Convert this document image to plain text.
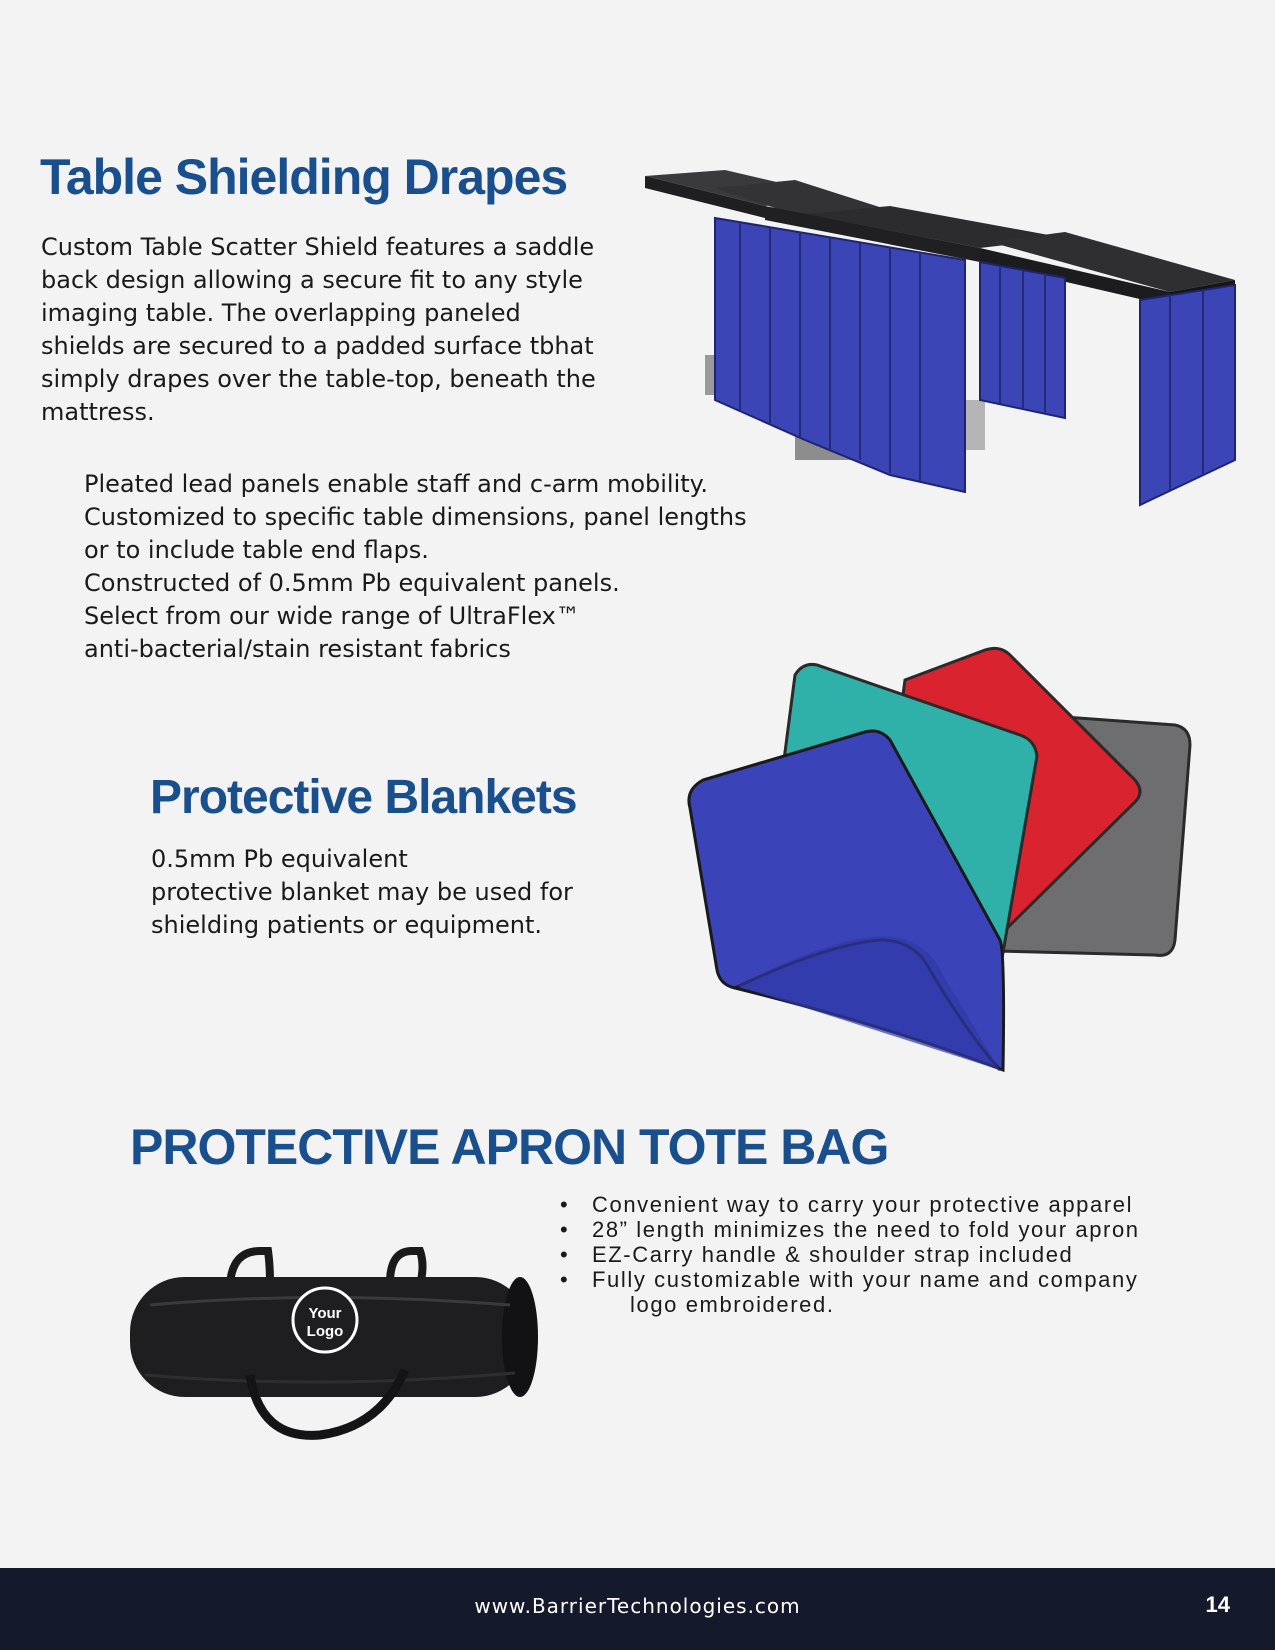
Table Shielding Drapes

Custom Table Scatter Shield features a saddle back design allowing a secure fit to any style imaging table. The overlapping paneled shields are secured to a padded surface tbhat simply drapes over the table-top, beneath the mattress.

Pleated lead panels enable staff and c-arm mobility.
Customized to specific table dimensions, panel lengths
or to include table end flaps.
Constructed of 0.5mm Pb equivalent panels.
Select from our wide range of UltraFlex™
anti-bacterial/stain resistant fabrics
Protective Blankets
0.5mm Pb equivalent
protective blanket may be used for shielding patients or equipment.
PROTECTIVE APRON TOTE BAG
• Convenient way to carry your protective apparel
• 28” length minimizes the need to fold your apron
• EZ-Carry handle & shoulder strap included
• Fully customizable with your name and company
logo embroidered.
Your
Logo
www.BarrierTechnologies.com	14
